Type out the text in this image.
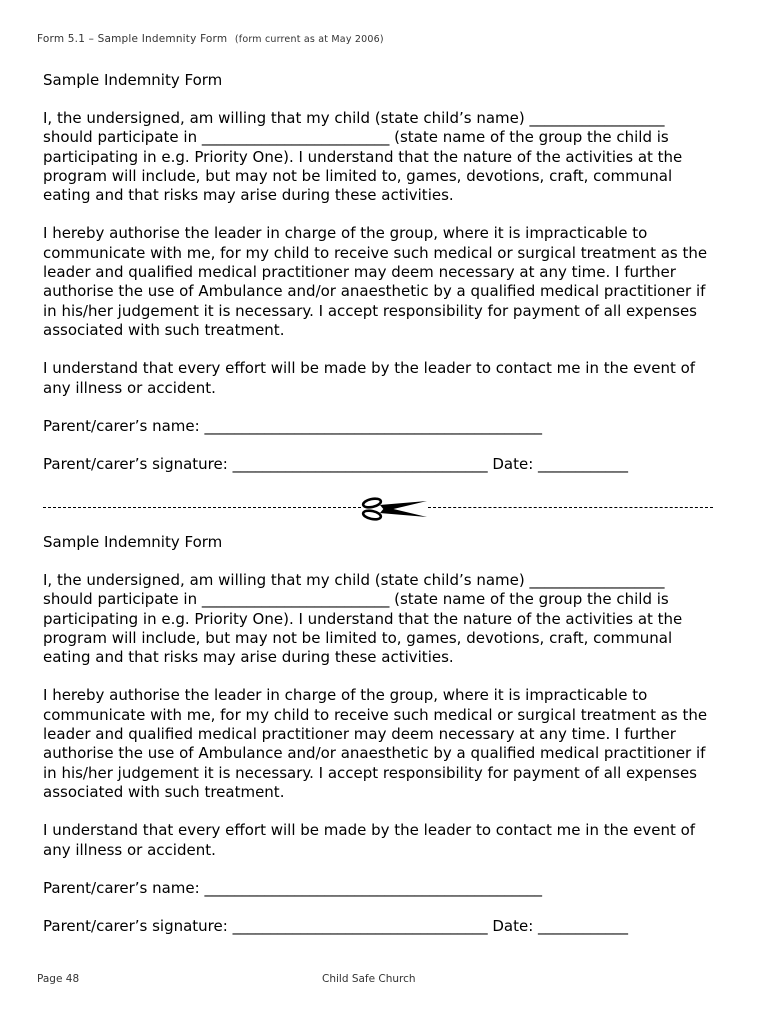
Form 5.1 – Sample Indemnity Form (form current as at May 2006)

Sample Indemnity Form

I, the undersigned, am willing that my child (state child’s name) __________________ should participate in _________________________ (state name of the group the child is participating in e.g. Priority One). I understand that the nature of the activities at the program will include, but may not be limited to, games, devotions, craft, communal eating and that risks may arise during these activities.

I hereby authorise the leader in charge of the group, where it is impracticable to communicate with me, for my child to receive such medical or surgical treatment as the leader and qualified medical practitioner may deem necessary at any time. I further authorise the use of Ambulance and/or anaesthetic by a qualified medical practitioner if in his/her judgement it is necessary. I accept responsibility for payment of all expenses associated with such treatment.

I understand that every effort will be made by the leader to contact me in the event of any illness or accident.

Parent/carer’s name: _____________________________________________

Parent/carer’s signature: __________________________________ Date: ____________

Sample Indemnity Form

I, the undersigned, am willing that my child (state child’s name) __________________ should participate in _________________________ (state name of the group the child is participating in e.g. Priority One). I understand that the nature of the activities at the program will include, but may not be limited to, games, devotions, craft, communal eating and that risks may arise during these activities.

I hereby authorise the leader in charge of the group, where it is impracticable to communicate with me, for my child to receive such medical or surgical treatment as the leader and qualified medical practitioner may deem necessary at any time. I further authorise the use of Ambulance and/or anaesthetic by a qualified medical practitioner if in his/her judgement it is necessary. I accept responsibility for payment of all expenses associated with such treatment.

I understand that every effort will be made by the leader to contact me in the event of any illness or accident.

Parent/carer’s name: _____________________________________________

Parent/carer’s signature: __________________________________ Date: ____________

Page 48	Child Safe Church
